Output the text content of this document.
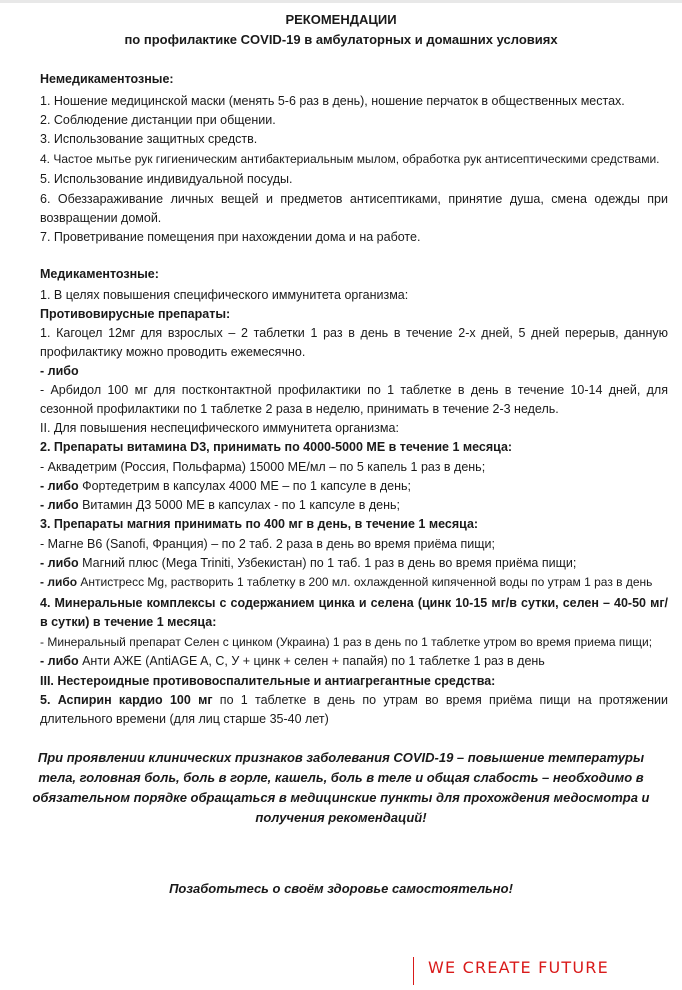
РЕКОМЕНДАЦИИ
по профилактике COVID-19 в амбулаторных и домашних условиях
Немедикаментозные:
1. Ношение медицинской маски (менять 5-6 раз в день), ношение перчаток в общественных местах.
2. Соблюдение дистанции при общении.
3. Использование защитных средств.
4. Частое мытье рук гигиеническим антибактериальным мылом, обработка рук антисептическими средствами.
5. Использование индивидуальной посуды.
6. Обеззараживание личных вещей и предметов антисептиками, принятие душа, смена одежды при возвращении домой.
7. Проветривание помещения при нахождении дома и на работе.
Медикаментозные:
1. В целях повышения специфического иммунитета организма:
Противовирусные препараты:
1. Кагоцел 12мг для взрослых – 2 таблетки 1 раз в день в течение 2-х дней, 5 дней перерыв, данную профилактику можно проводить ежемесячно.
- либо
- Арбидол 100 мг для постконтактной профилактики по 1 таблетке в день в течение 10-14 дней, для сезонной профилактики по 1 таблетке 2 раза в неделю, принимать в течение 2-3 недель.
II. Для повышения неспецифического иммунитета организма:
2. Препараты витамина D3, принимать по 4000-5000 МЕ в течение 1 месяца:
- Аквадетрим (Россия, Польфарма) 15000 МЕ/мл – по 5 капель 1 раз в день;
- либо Фортедетрим в капсулах 4000 МЕ – по 1 капсуле в день;
- либо Витамин Д3 5000 МЕ в капсулах - по 1 капсуле в день;
3. Препараты магния принимать по 400 мг в день, в течение 1 месяца:
- Магне В6 (Sanofi, Франция) – по 2 таб. 2 раза в день во время приёма пищи;
- либо Магний плюс (Mega Triniti, Узбекистан) по 1 таб. 1 раз в день во время приёма пищи;
- либо Антистресс Mg, растворить 1 таблетку в 200 мл. охлажденной кипяченной воды по утрам 1 раз в день
4. Минеральные комплексы с содержанием цинка и селена (цинк 10-15 мг/в сутки, селен – 40-50 мг/ в сутки) в течение 1 месяца:
- Минеральный препарат Селен с цинком (Украина) 1 раз в день по 1 таблетке утром во время приема пищи;
- либо Анти АЖЕ (AntiAGE A, C, У + цинк + селен + папайя) по 1 таблетке 1 раз в день
III. Нестероидные противовоспалительные и антиагрегантные средства:
5. Аспирин кардио 100 мг по 1 таблетке в день по утрам во время приёма пищи на протяжении длительного времени (для лиц старше 35-40 лет)
При проявлении клинических признаков заболевания COVID-19 – повышение температуры тела, головная боль, боль в горле, кашель, боль в теле и общая слабость – необходимо в обязательном порядке обращаться в медицинские пункты для прохождения медосмотра и получения рекомендаций!
Позаботьтесь о своём здоровье самостоятельно!
WE CREATE FUTURE
